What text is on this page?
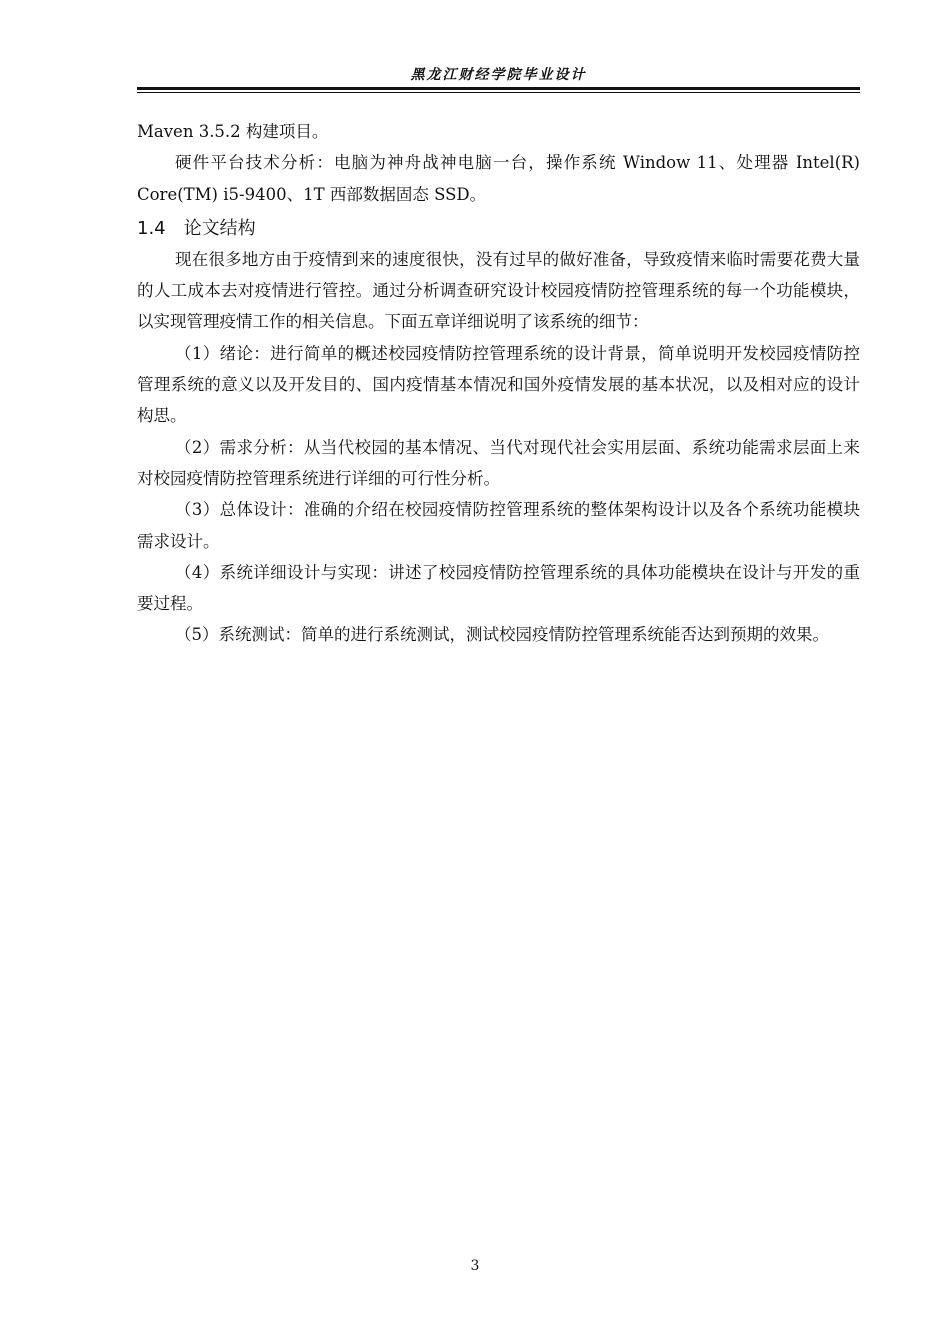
黑龙江财经学院毕业设计

Maven 3.5.2 构建项目。

硬件平台技术分析：电脑为神舟战神电脑一台，操作系统 Window 11、处理器 Intel(R) Core(TM) i5-9400、1T 西部数据固态 SSD。

1.4 论文结构

现在很多地方由于疫情到来的速度很快，没有过早的做好准备，导致疫情来临时需要花费大量的人工成本去对疫情进行管控。通过分析调查研究设计校园疫情防控管理系统的每一个功能模块，以实现管理疫情工作的相关信息。下面五章详细说明了该系统的细节：

（1）绪论：进行简单的概述校园疫情防控管理系统的设计背景，简单说明开发校园疫情防控管理系统的意义以及开发目的、国内疫情基本情况和国外疫情发展的基本状况，以及相对应的设计构思。

（2）需求分析：从当代校园的基本情况、当代对现代社会实用层面、系统功能需求层面上来对校园疫情防控管理系统进行详细的可行性分析。

（3）总体设计：准确的介绍在校园疫情防控管理系统的整体架构设计以及各个系统功能模块需求设计。

（4）系统详细设计与实现：讲述了校园疫情防控管理系统的具体功能模块在设计与开发的重要过程。

（5）系统测试：简单的进行系统测试，测试校园疫情防控管理系统能否达到预期的效果。

3
